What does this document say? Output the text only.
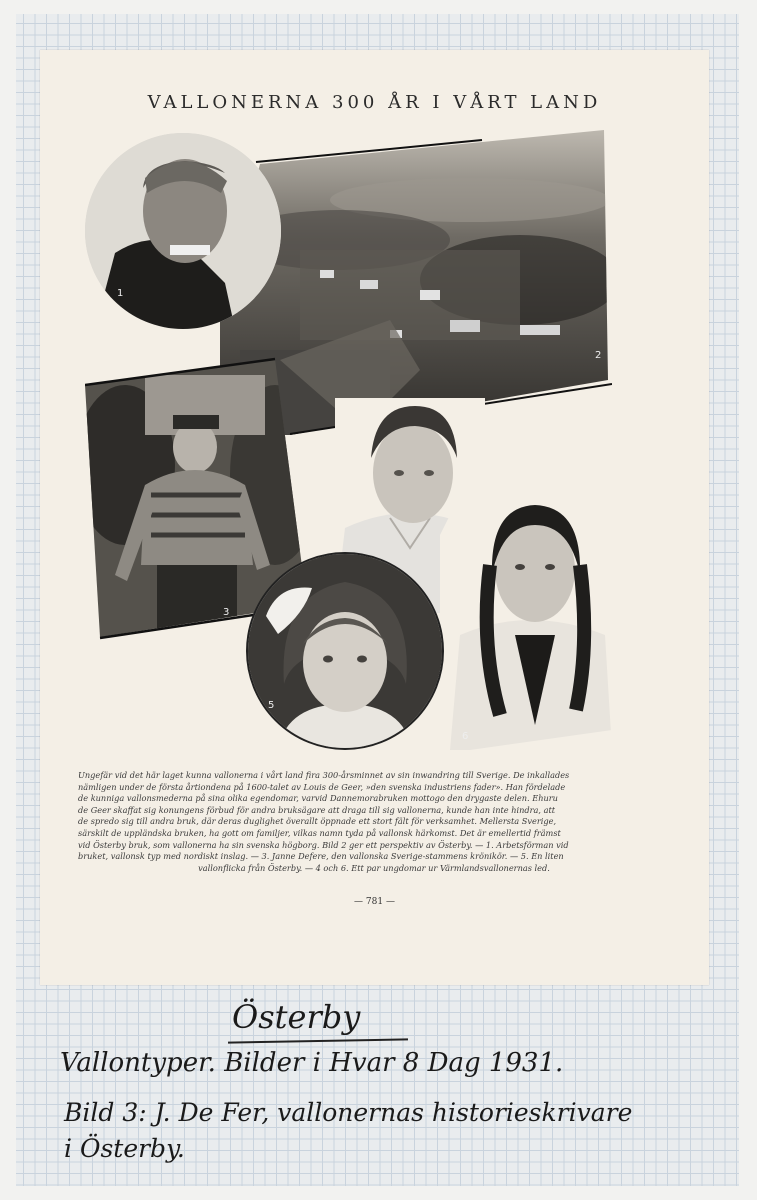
VALLONERNA 300 ÅR I VÅRT LAND
2
1
3
6
5
Ungefär vid det här laget kunna vallonerna i vårt land fira 300-årsminnet av sin inwandring till Sverige. De inkallades
nämligen under de första årtiondena på 1600-talet av Louis de Geer, »den svenska industriens fader». Han fördelade
de kunniga vallonsmederna på sina olika egendomar, varvid Dannemorabruken mottogo den drygaste delen. Ehuru
de Geer skaffat sig konungens förbud för andra bruksägare att draga till sig vallonerna, kunde han inte hindra, att
de spredo sig till andra bruk, där deras duglighet överallt öppnade ett stort fält för verksamhet. Mellersta Sverige,
särskilt de uppländska bruken, ha gott om familjer, vilkas namn tyda på vallonsk härkomst. Det är emellertid främst
vid Österby bruk, som vallonerna ha sin svenska högborg. Bild 2 ger ett perspektiv av Österby. — 1. Arbetsförman vid
bruket, vallonsk typ med nordiskt inslag. — 3. Janne Defere, den vallonska Sverige-stammens krönikör. — 5. En liten
vallonflicka från Österby. — 4 och 6. Ett par ungdomar ur Värmlandsvallonernas led.
— 781 —
Österby
Vallontyper. Bilder i Hvar 8 Dag 1931.
Bild 3: J. De Fer, vallonernas historieskrivare
i Österby.
